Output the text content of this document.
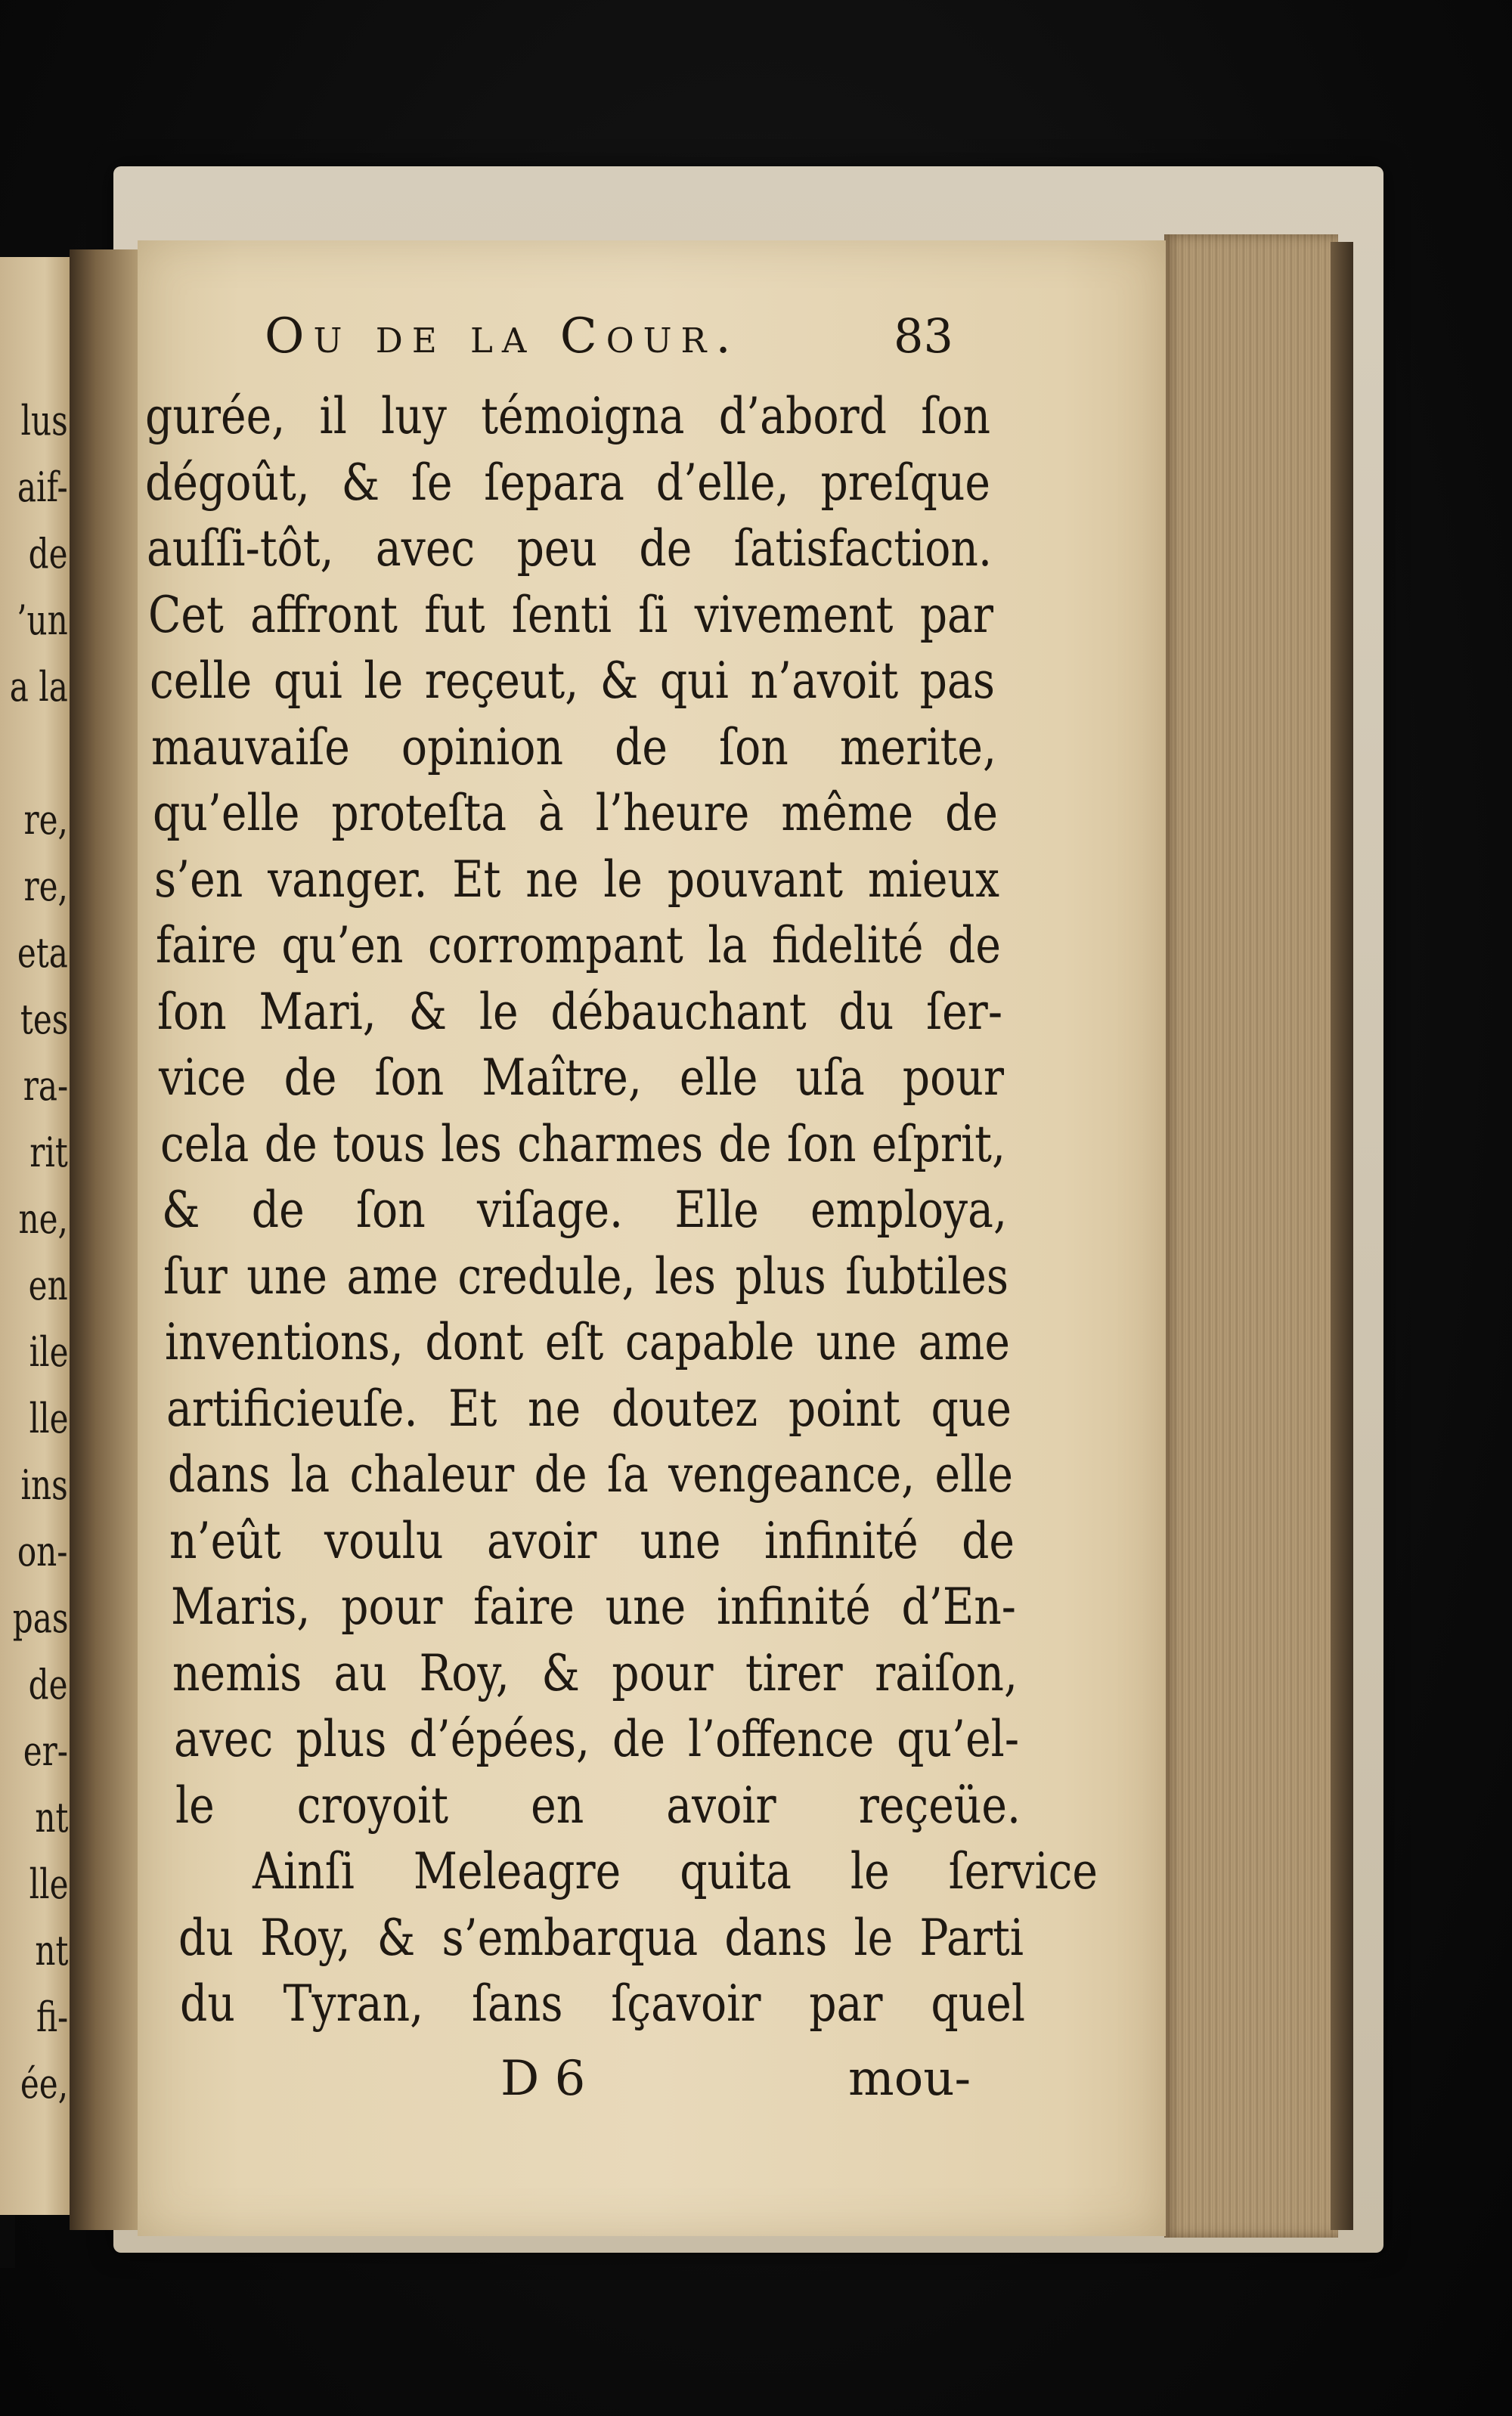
lus
aif-
de
’un
a la
re,
re,
eta
tes
ra-
rit
ne,
en
ile
lle
ins
on-
pas
de
er-
nt
lle
nt
fi-
ée,
Ou de la Cour.	83
D 6	mou-
gurée, il luy témoigna d’abord ſon
dégoût, & ſe ſepara d’elle, preſque
auſſi-tôt, avec peu de ſatisfaction.
Cet affront fut ſenti ſi vivement par
celle qui le reçeut, & qui n’avoit pas
mauvaiſe opinion de ſon merite,
qu’elle proteſta à l’heure même de
s’en vanger. Et ne le pouvant mieux
faire qu’en corrompant la fidelité de
ſon Mari, & le débauchant du ſer-
vice de ſon Maître, elle uſa pour
cela de tous les charmes de ſon eſprit,
& de ſon viſage. Elle employa,
ſur une ame credule, les plus ſubtiles
inventions, dont eſt capable une ame
artificieuſe. Et ne doutez point que
dans la chaleur de ſa vengeance, elle
n’eût voulu avoir une infinité de
Maris, pour faire une infinité d’En-
nemis au Roy, & pour tirer raiſon,
avec plus d’épées, de l’offence qu’el-
le croyoit en avoir reçeüe.
Ainſi Meleagre quita le ſervice
du Roy, & s’embarqua dans le Parti
du Tyran, ſans ſçavoir par quel
